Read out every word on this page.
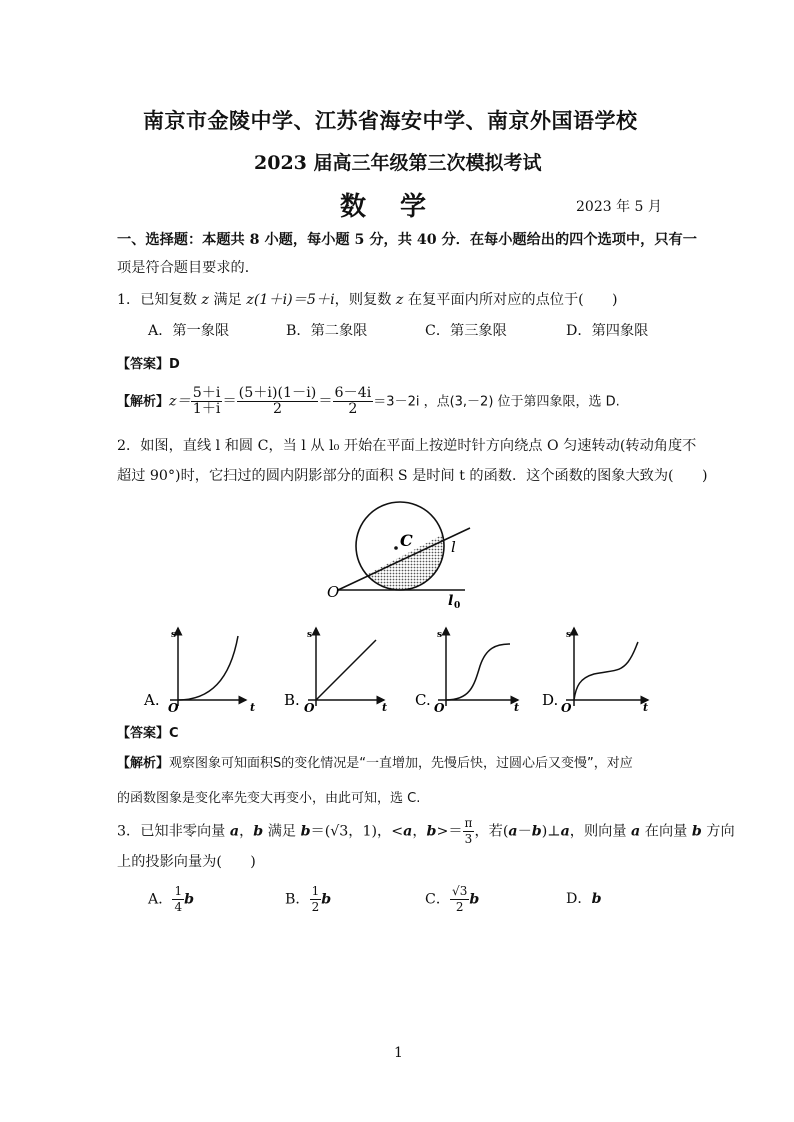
南京市金陵中学、江苏省海安中学、南京外国语学校
2023 届高三年级第三次模拟考试
数学	2023 年 5 月
一、选择题：本题共 8 小题，每小题 5 分，共 40 分．在每小题给出的四个选项中，只有一
项是符合题目要求的．
1．已知复数 z 满足 z(1＋i)＝5＋i，则复数 z 在复平面内所对应的点位于(　　)
A．第一象限	B．第二象限	C．第三象限	D．第四象限
【答案】D
【解析】$z= \frac{5+i}{1+i} = \frac{(5+i)(1-i)}{2} = \frac{6-4i}{2} =3-2i$ ，点(3,－2) 位于第四象限，选 D.
2．如图，直线 l 和圆 C，当 l 从 l₀ 开始在平面上按逆时针方向绕点 O 匀速转动(转动角度不
超过 90°)时，它扫过的圆内阴影部分的面积 S 是时间 t 的函数．这个函数的图象大致为(　　)
C	l
O	l 0
A.
s
t
O	B.
s
t
O	C.
s
t
O	D.
s
t
O
【答案】C
【解析】观察图象可知面积S的变化情况是“一直增加，先慢后快，过圆心后又变慢”，对应
的函数图象是变化率先变大再变小，由此可知，选 C.
3．已知非零向量 a，b 满足 b＝(√3，1)，<a，$b>= \frac{\pi}{3}$ ，若(a－b)⊥a，则向量 a 在向量 b 方向
上的投影向量为(　　)
A． $\frac{1}{4}$ b	B． $\frac{1}{2}$ b	C． $\frac{√3}{2}$ b	D．b
1
